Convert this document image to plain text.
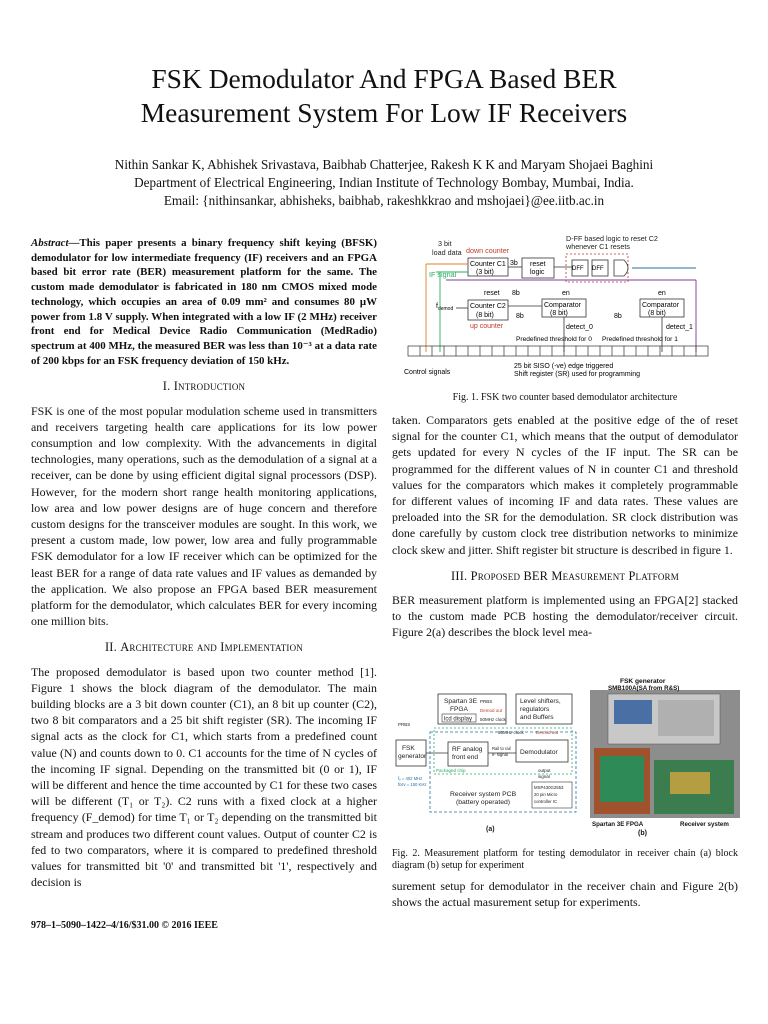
FSK Demodulator And FPGA Based BER
Measurement System For Low IF Receivers
Nithin Sankar K, Abhishek Srivastava, Baibhab Chatterjee, Rakesh K K and Maryam Shojaei Baghini
Department of Electrical Engineering, Indian Institute of Technology Bombay, Mumbai, India.
Email: {nithinsankar, abhisheks, baibhab, rakeshkkrao and mshojaei}@ee.iitb.ac.in

Abstract—This paper presents a binary frequency shift keying (BFSK) demodulator for low intermediate frequency (IF) receivers and an FPGA based bit error rate (BER) measurement platform for the same. The custom made demodulator is fabricated in 180 nm CMOS mixed mode technology, which occupies an area of 0.09 mm² and consumes 80 μW power from 1.8 V supply. When integrated with a low IF (2 MHz) receiver front end for Medical Device Radio Communication (MedRadio) spectrum at 400 MHz, the measured BER was less than 10⁻³ at a data rate of 200 kbps for an FSK frequency deviation of 150 kHz.

I. Introduction

FSK is one of the most popular modulation scheme used in transmitters and receivers targeting health care applications for its low power consumption and low complexity. With the advancements in digital technologies, many operations, such as the demodulation of a signal at a receiver, can be done by using efficient digital signal processors (DSP). However, for the modern short range health monitoring applications, low area and low power designs are of huge concern and therefore custom designs for the transceiver modules are sought. In this work, we present a custom made, low power, low area and fully programmable FSK demodulator for a low IF receiver which can be optimized for the least BER for a range of data rate values and IF values as demanded by the application. We also propose an FPGA based BER measurement platform for the demodulator, which calculates BER for every incoming one million bits.

II. Architecture and Implementation

The proposed demodulator is based upon two counter method [1]. Figure 1 shows the block diagram of the demodulator. The main building blocks are a 3 bit down counter (C1), an 8 bit up counter (C2), two 8 bit comparators and a 25 bit shift register (SR). The incoming IF signal acts as the clock for C1, which starts from a predefined count value (N) and counts down to 0. C1 accounts for the time of N cycles of the incoming IF signal. Depending on the transmitted bit (0 or 1), IF will be different and hence the time accounted by C1 for these two cases will be different (T₁ or T₂). C2 runs with a fixed clock at a higher frequency (F_demod) for time T₁ or T₂ depending on the transmitted bit stream and produces two different count values. Output of counter C2 is fed to two comparators, where it is compared to predefined threshold values for transmitted bit '0' and transmitted bit '1', respectively and decision is

978–1–5090–1422–4/16/$31.00 © 2016 IEEE
3 bit
load data down counter
D-FF based logic to reset C2
whenever C1 resets
IF signal
Counter C1
(3 bit)
3b reset
logic	DFF DFF
reset 8b	en	en
$f_{demod}$ Counter C2
(8 bit)
up counter
Comparator
(8 bit)
Comparator
(8 bit)
8b	8b
detect_0	detect_1
Predefined threshold for 0 Predefined threshold for 1
Control signals
25 bit SISO (-ve) edge triggered
Shift register (SR) used for programming
Fig. 1. FSK two counter based demodulator architecture

taken. Comparators gets enabled at the positive edge of the of reset signal for the counter C1, which means that the output of demodulator gets updated for every N cycles of the IF input. The SR can be programmed for the different values of N in counter C1 and threshold values for the comparators which makes it completely programmable for different values of incoming IF and data rates. These values are preloaded into the SR for the demodulation. SR clock distribution was done carefully by custom clock tree distribution networks to minimize clock skew and jitter. Shift register bit structure is described in figure 1.

III. Proposed BER Measurement Platform

BER measurement platform is implemented using an FPGA[2] stacked to the custom made PCB hosting the demodulator/receiver circuit. Figure 2(a) describes the block level mea-

Spartan 3E
FPGA
lcd display
PRBS
Demod out
50MHz clock
Level shifters,
regulators
and Buffers
PRBS
50MHz clock	Demod out
FSK
generator
RF analog
front end
Rail to rail
IF signal Demodulator
Packaged chip
fₒ = 402 MHz
fᴅᴇᴠ = 150 KHz
Receiver system PCB
(battery operated)
output
signal
MSP430G2553
20 pin Micro
controller IC
(a)
FSK generator
SMB100A(SA from R&S)
Spartan 3E FPGA	Receiver system
(b)
Fig. 2. Measurement platform for testing demodulator in receiver chain (a) block diagram (b) setup for experiment

surement setup for demodulator in the receiver chain and Figure 2(b) shows the actual masurement setup for experiments.
